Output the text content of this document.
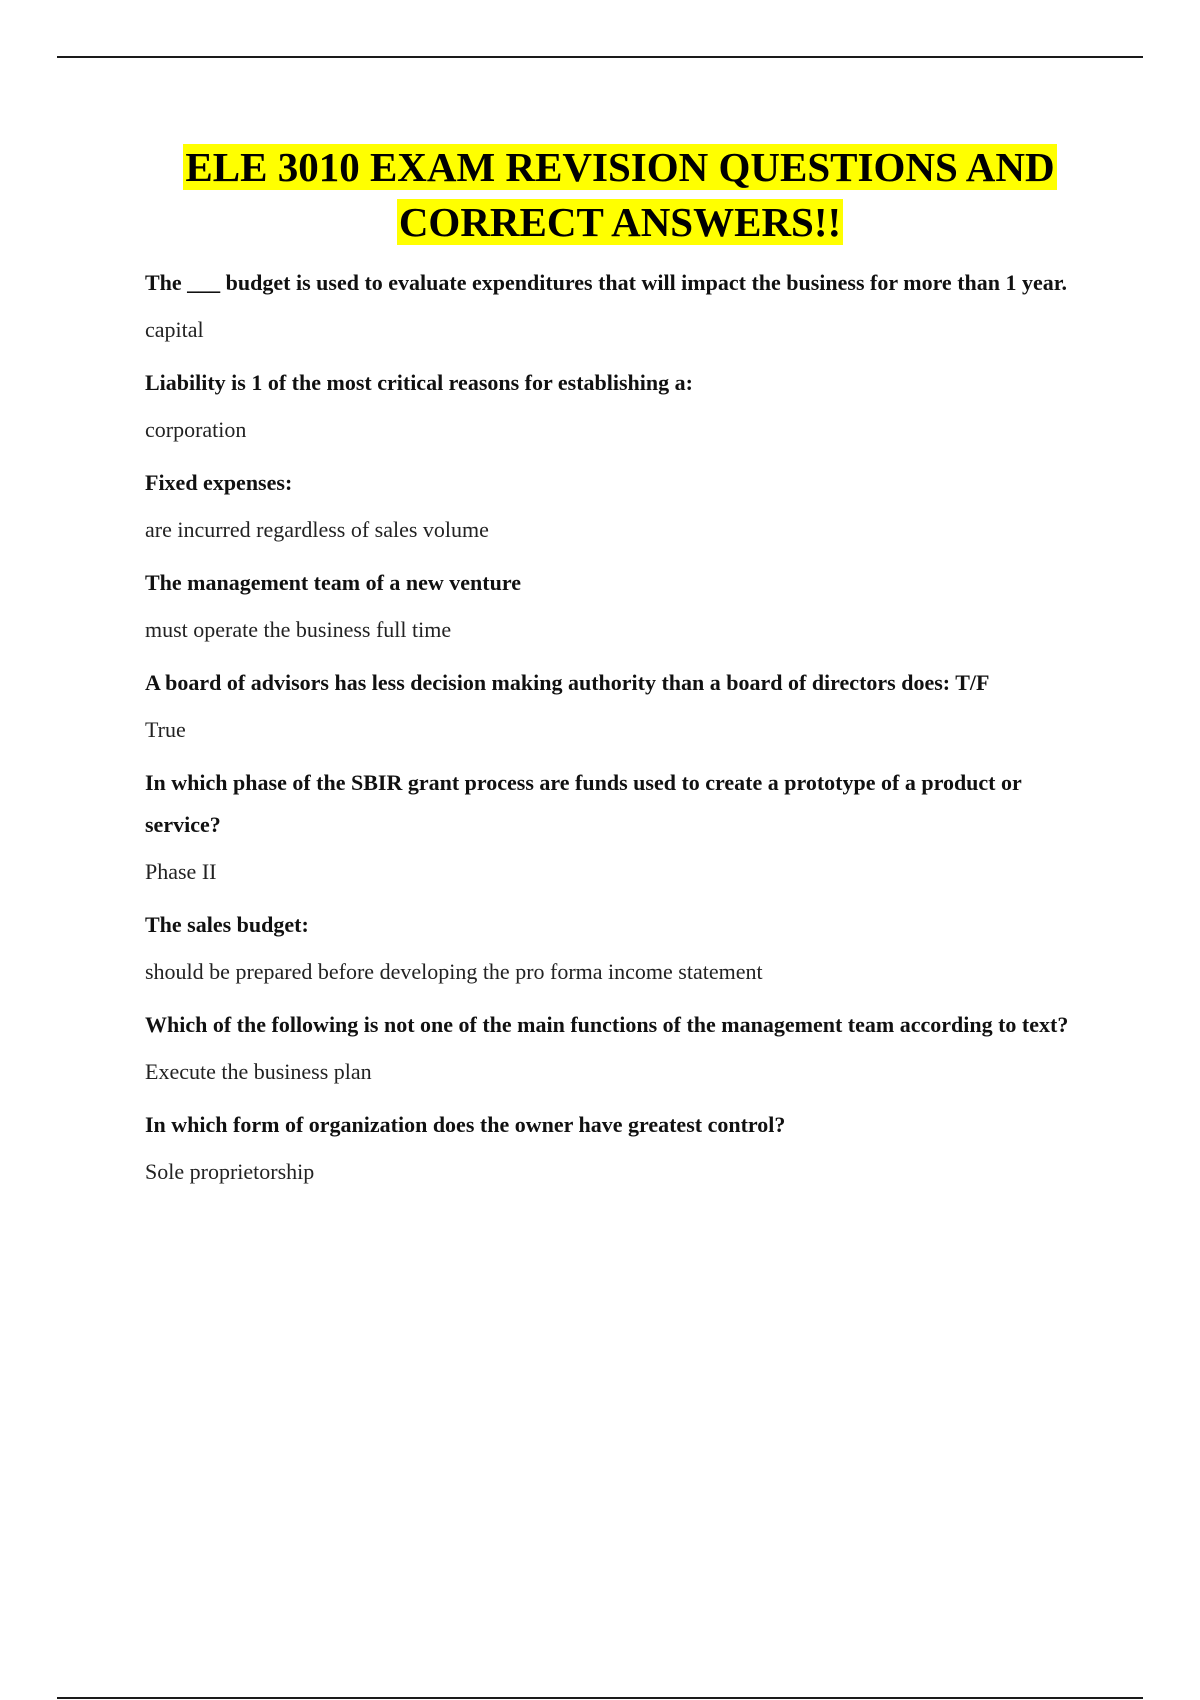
ELE 3010 EXAM REVISION QUESTIONS AND CORRECT ANSWERS!!

The ___ budget is used to evaluate expenditures that will impact the business for more than 1 year.

capital

Liability is 1 of the most critical reasons for establishing a:

corporation

Fixed expenses:

are incurred regardless of sales volume

The management team of a new venture

must operate the business full time

A board of advisors has less decision making authority than a board of directors does: T/F

True

In which phase of the SBIR grant process are funds used to create a prototype of a product or service?

Phase II

The sales budget:

should be prepared before developing the pro forma income statement

Which of the following is not one of the main functions of the management team according to text?

Execute the business plan

In which form of organization does the owner have greatest control?

Sole proprietorship
